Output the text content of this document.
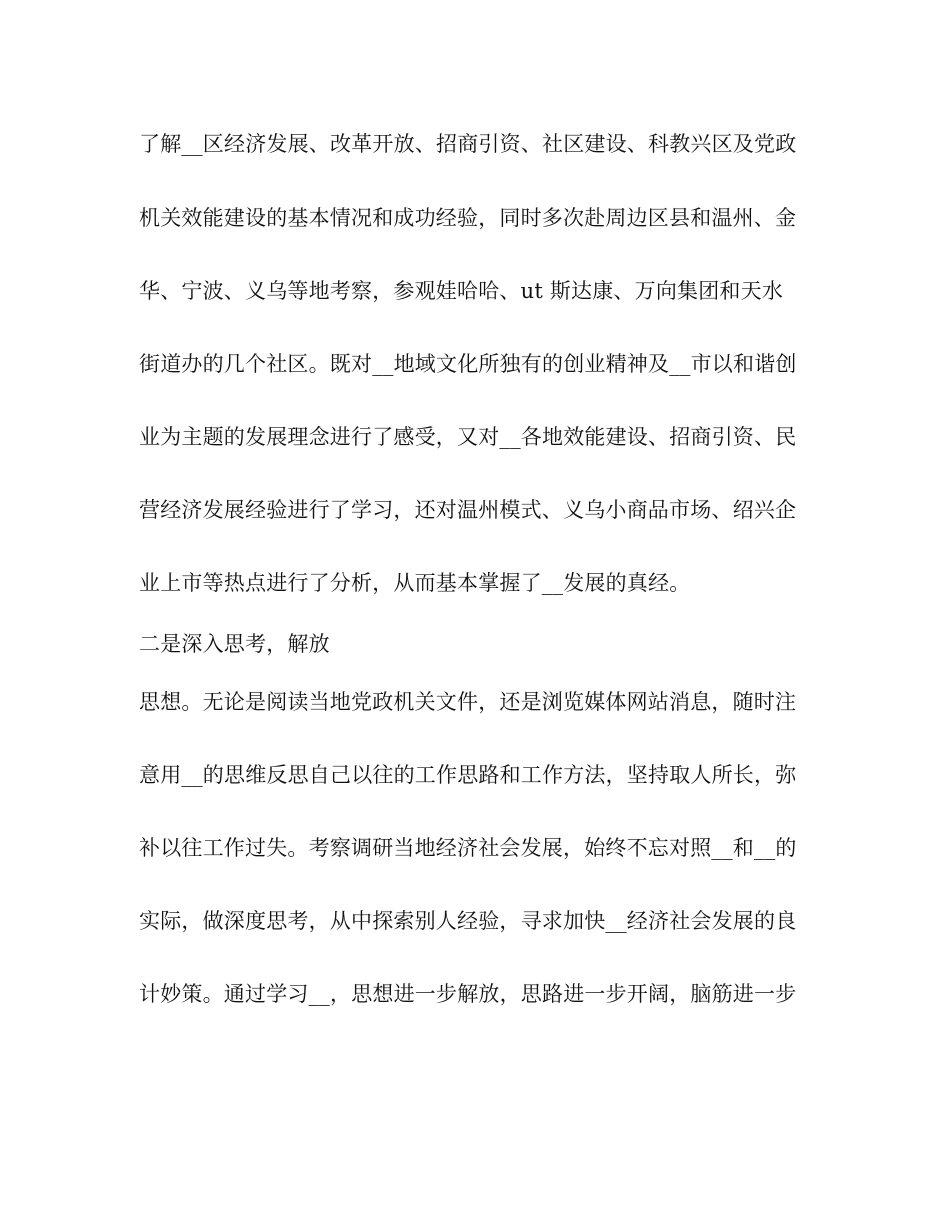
了解__区经济发展、改革开放、招商引资、社区建设、科教兴区及党政
机关效能建设的基本情况和成功经验，同时多次赴周边区县和温州、金
华、宁波、义乌等地考察，参观娃哈哈、ut 斯达康、万向集团和天水
街道办的几个社区。既对__地域文化所独有的创业精神及__市以和谐创
业为主题的发展理念进行了感受，又对__各地效能建设、招商引资、民
营经济发展经验进行了学习，还对温州模式、义乌小商品市场、绍兴企
业上市等热点进行了分析，从而基本掌握了__发展的真经。
二是深入思考，解放
思想。无论是阅读当地党政机关文件，还是浏览媒体网站消息，随时注
意用__的思维反思自己以往的工作思路和工作方法，坚持取人所长，弥
补以往工作过失。考察调研当地经济社会发展，始终不忘对照__和__的
实际，做深度思考，从中探索别人经验，寻求加快__经济社会发展的良
计妙策。通过学习__，思想进一步解放，思路进一步开阔，脑筋进一步
